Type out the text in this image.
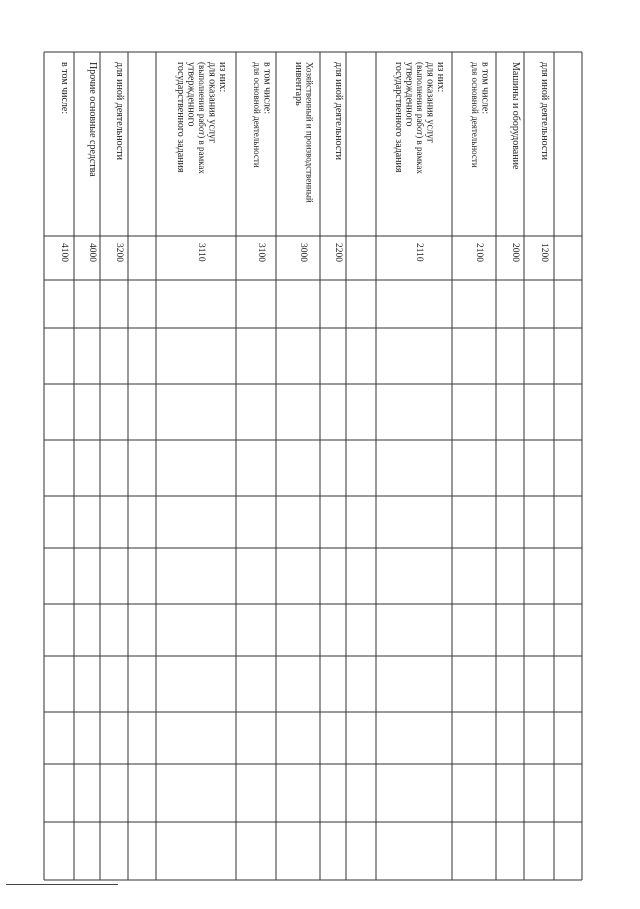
в том числе:
4100
Прочие основные средства
4000
для иной деятельности
3200
из них:
для оказания услуг
(выполнения работ) в рамках
утвержденного
государственного задания
3110
в том числе:
для основной деятельности
3100
Хозяйственный и производственный
инвентарь
3000
для иной деятельности
2200
из них:
для оказания услуг
(выполнения работ) в рамках
утвержденного
государственного задания
2110
в том числе:
для основной деятельности
2100
Машины и оборудование
2000
для иной деятельности
1200
